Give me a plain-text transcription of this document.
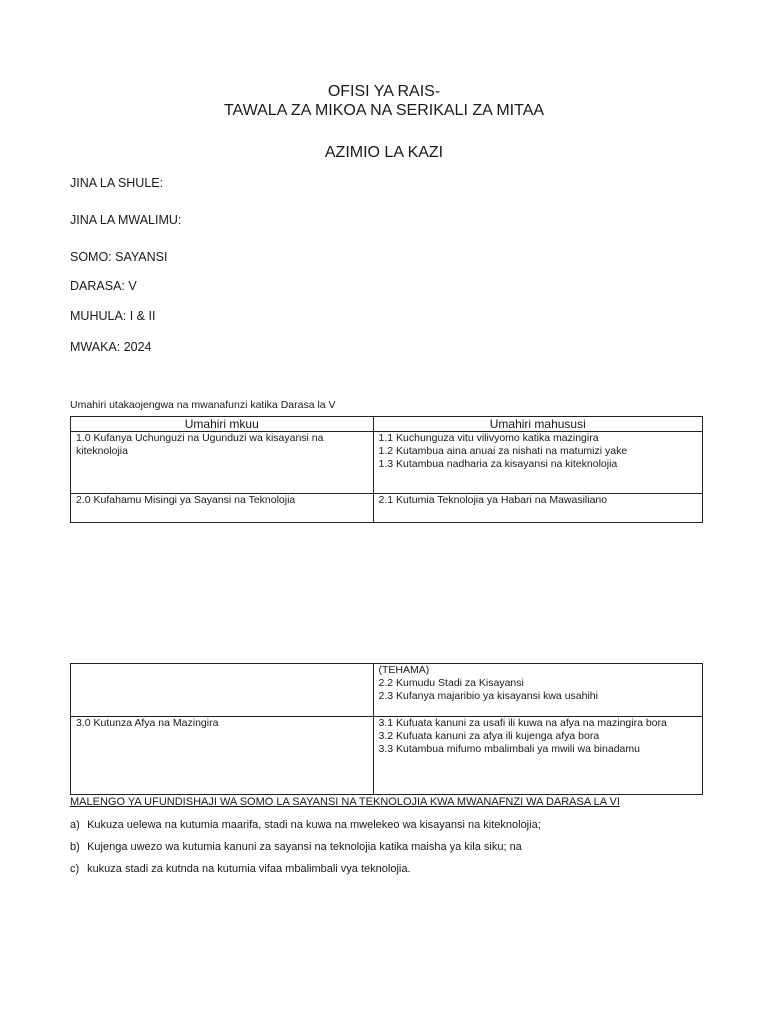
OFISI YA RAIS-
TAWALA ZA MIKOA NA SERIKALI ZA MITAA
AZIMIO LA KAZI
JINA LA SHULE:
JINA LA MWALIMU:
SOMO: SAYANSI
DARASA: V
MUHULA: I & II
MWAKA: 2024
Umahiri utakaojengwa na mwanafunzi katika Darasa la V
Umahiri mkuu	Umahiri mahususi
1.0 Kufanya Uchunguzi na Ugunduzi wa kisayansi na kiteknolojia	1.1 Kuchunguza vitu vilivyomo katika mazingira
1.2 Kutambua aina anuai za nishati na matumizi yake
1.3 Kutambua nadharia za kisayansi na kiteknolojia

2.0 Kufahamu Misingi ya Sayansi na Teknolojia	2.1 Kutumia Teknolojia ya Habari na Mawasiliano

	(TEHAMA)
2.2 Kumudu Stadi za Kisayansi
2.3 Kufanya majaribio ya kisayansi kwa usahihi

3.0 Kutunza Afya na Mazingira	3.1 Kufuata kanuni za usafi ili kuwa na afya na mazingira bora
3.2 Kufuata kanuni za afya ili kujenga afya bora
3.3 Kutambua mifumo mbalimbali ya mwili wa binadamu
MALENGO YA UFUNDISHAJI WA SOMO LA SAYANSI NA TEKNOLOJIA KWA MWANAFNZI WA DARASA LA VI
a) Kukuza uelewa na kutumia maarifa, stadi na kuwa na mwelekeo wa kisayansi na kiteknolojia;
b) Kujenga uwezo wa kutumia kanuni za sayansi na teknolojia katika maisha ya kila siku; na
c) kukuza stadi za kutnda na kutumia vifaa mbalimbali vya teknolojia.
